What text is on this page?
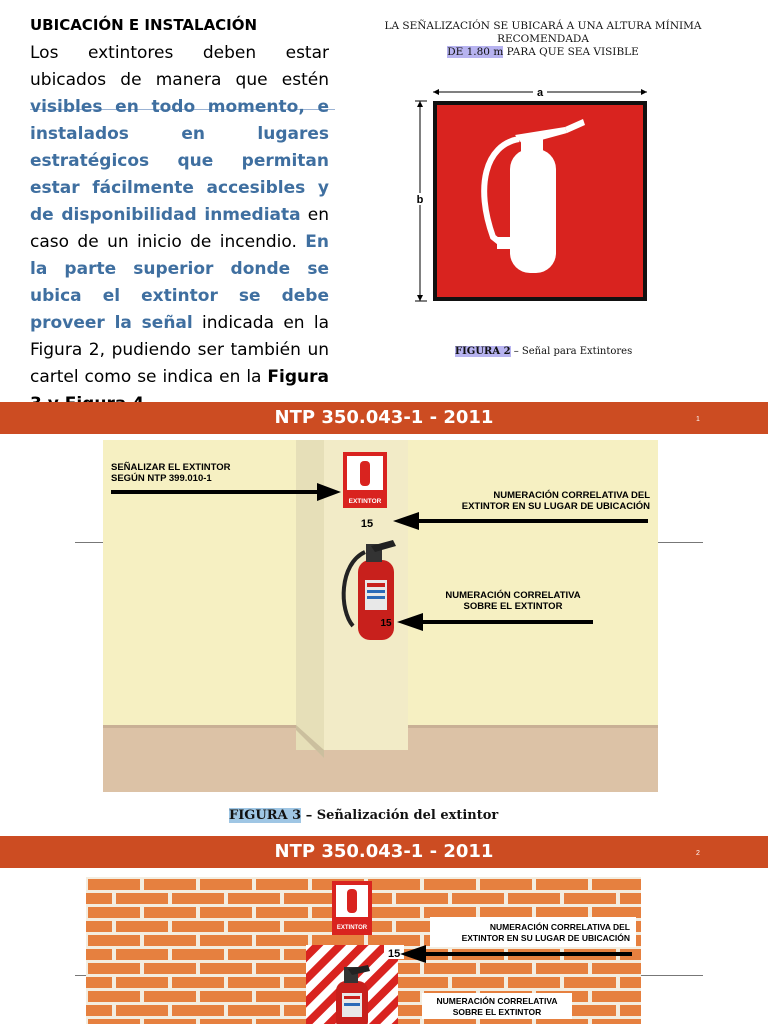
UBICACIÓN E INSTALACIÓN
Los extintores deben estar ubicados de manera que estén visibles en todo momento, e instalados en lugares estratégicos que permitan estar fácilmente accesibles y de disponibilidad inmediata en caso de un inicio de incendio. En la parte superior donde se ubica el extintor se debe proveer la señal indicada en la Figura 2, pudiendo ser también un cartel como se indica en la Figura
LA SEÑALIZACIÓN SE UBICARÁ A UNA ALTURA MÍNIMA RECOMENDADA
DE 1.80 m PARA QUE SEA VISIBLE
a
b
FIGURA 2 – Señal para Extintores
NTP 350.043-1 - 2011	1
EXTINTOR
15
15
SEÑALIZAR EL EXTINTOR
SEGÚN NTP 399.010-1
NUMERACIÓN CORRELATIVA DEL
EXTINTOR EN SU LUGAR DE UBICACIÓN
NUMERACIÓN CORRELATIVA
SOBRE EL EXTINTOR
FIGURA 3 – Señalización del extintor
NTP 350.043-1 - 2011	2
EXTINTOR
15
NUMERACIÓN CORRELATIVA DEL
EXTINTOR EN SU LUGAR DE UBICACIÓN
NUMERACIÓN CORRELATIVA
SOBRE EL EXTINTOR
